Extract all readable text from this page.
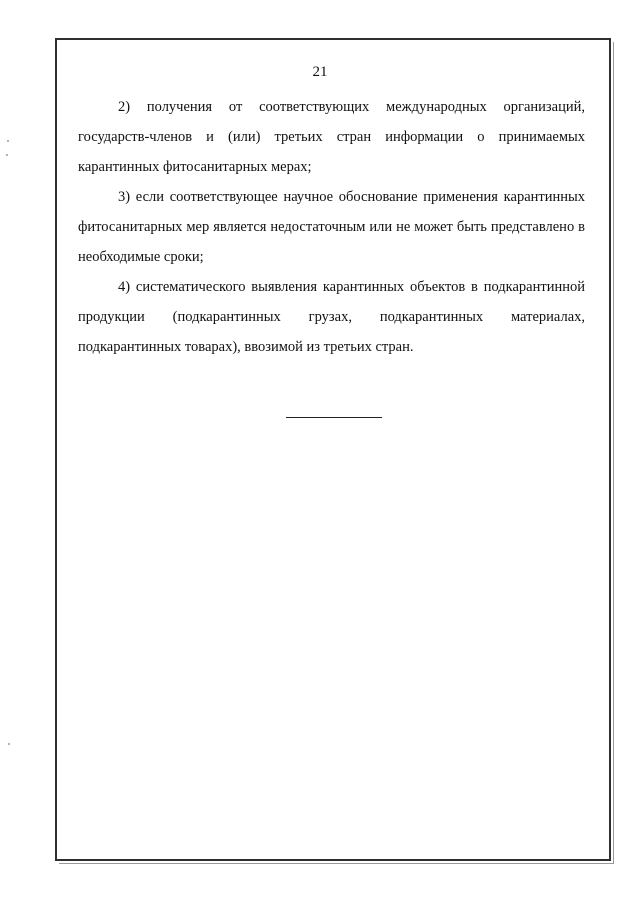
21

2) получения от соответствующих международных организаций, государств-членов и (или) третьих стран информации о принимаемых карантинных фитосанитарных мерах;

3) если соответствующее научное обоснование применения карантинных фитосанитарных мер является недостаточным или не может быть представлено в необходимые сроки;

4) систематического выявления карантинных объектов в подкарантинной продукции (подкарантинных грузах, подкарантинных материалах, подкарантинных товарах), ввозимой из третьих стран.
